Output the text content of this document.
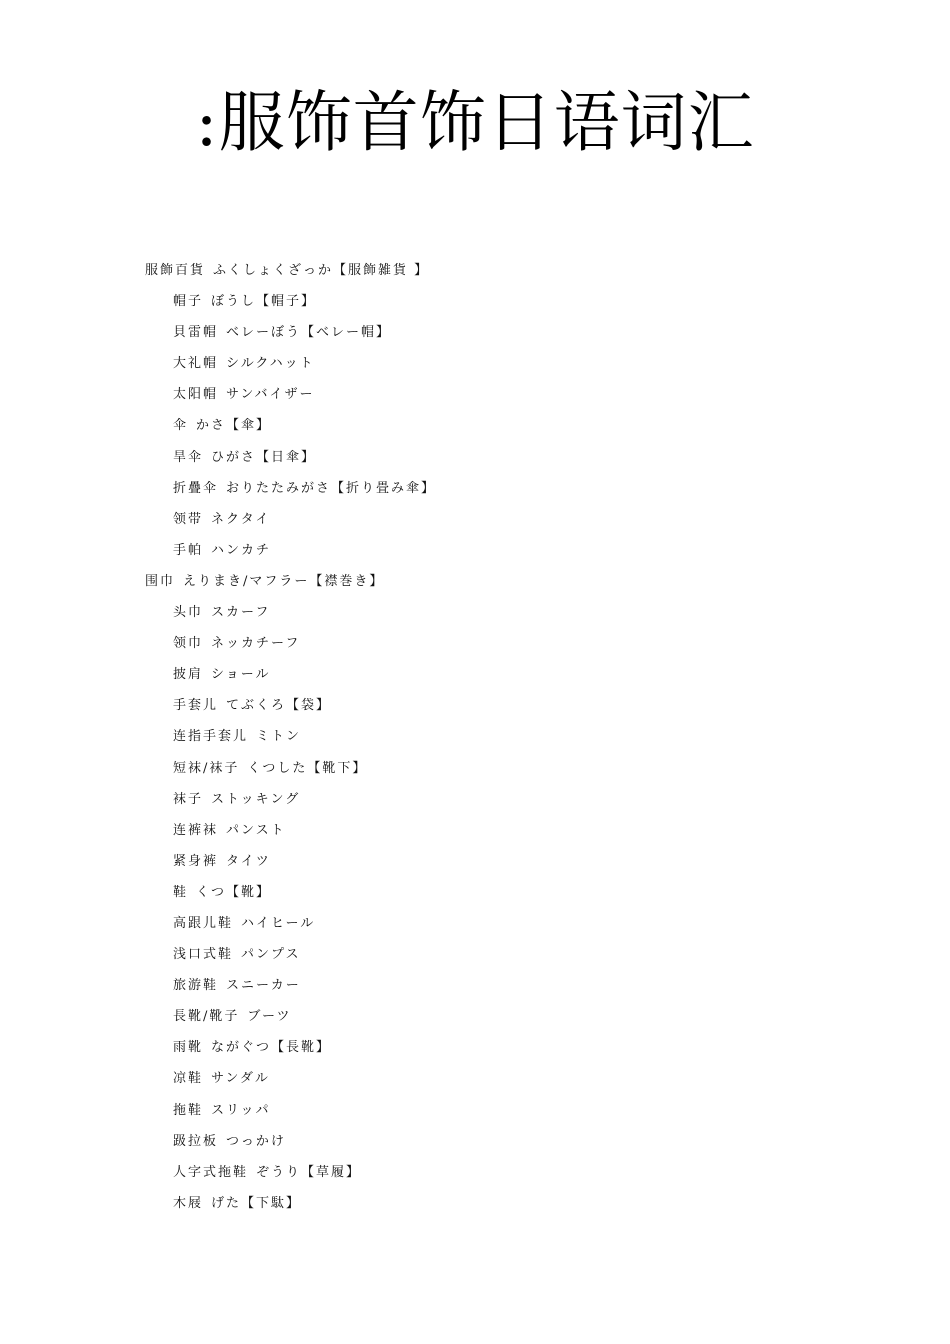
:服饰首饰日语词汇
服飾百貨 ふくしょくざっか【服飾雑貨 】
帽子 ぼうし【帽子】
貝雷帽 ベレーぼう【ベレー帽】
大礼帽 シルクハット
太阳帽 サンバイザー
伞 かさ【傘】
旱伞 ひがさ【日傘】
折疊伞 おりたたみがさ【折り畳み傘】
领带 ネクタイ
手帕 ハンカチ
围巾 えりまき/マフラー【襟巻き】
头巾 スカーフ
领巾 ネッカチーフ
披肩 ショール
手套儿 てぶくろ【袋】
连指手套儿 ミトン
短袜/袜子 くつした【靴下】
袜子 ストッキング
连裤袜 パンスト
紧身裤 タイツ
鞋 くつ【靴】
高跟儿鞋 ハイヒール
浅口式鞋 パンプス
旅游鞋 スニーカー
長靴/靴子 ブーツ
雨靴 ながぐつ【長靴】
凉鞋 サンダル
拖鞋 スリッパ
趿拉板 つっかけ
人字式拖鞋 ぞうり【草履】
木屐 げた【下駄】
